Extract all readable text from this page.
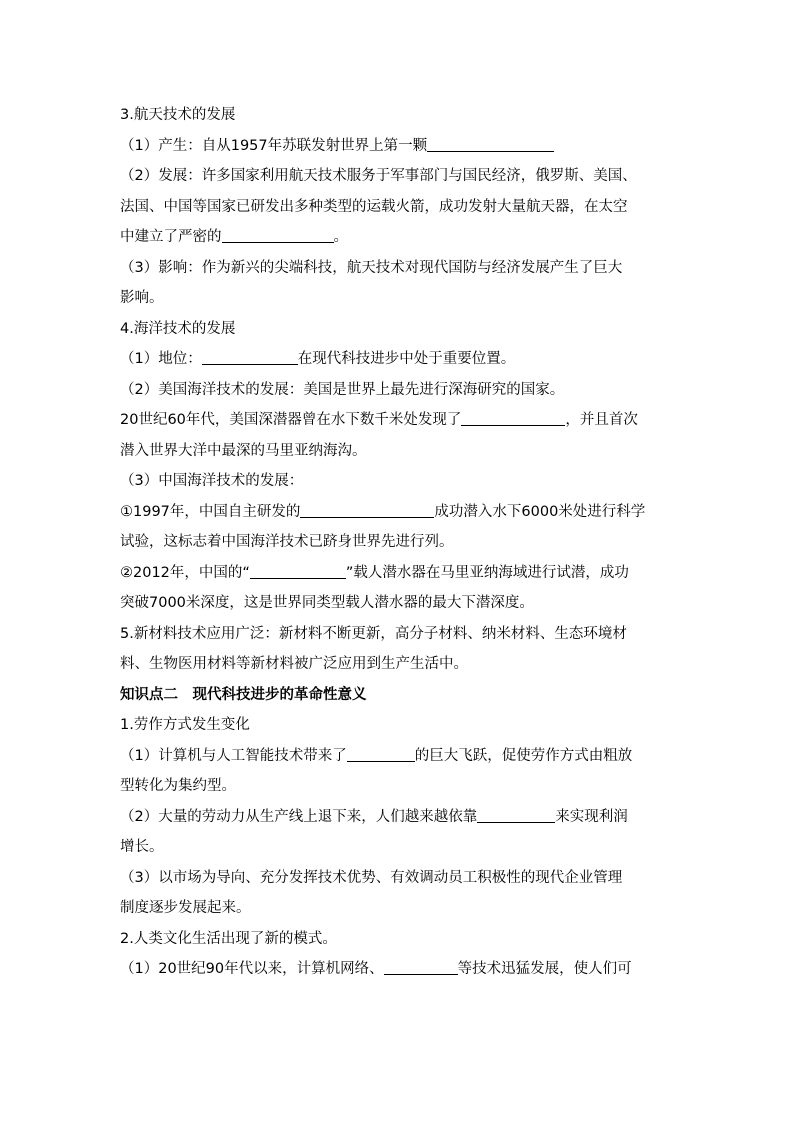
3.航天技术的发展
（1）产生：自从1957年苏联发射世界上第一颗
（2）发展：许多国家利用航天技术服务于军事部门与国民经济，俄罗斯、美国、
法国、中国等国家已研发出多种类型的运载火箭，成功发射大量航天器，在太空
中建立了严密的	。
（3）影响：作为新兴的尖端科技，航天技术对现代国防与经济发展产生了巨大
影响。
4.海洋技术的发展
（1）地位：	在现代科技进步中处于重要位置。
（2）美国海洋技术的发展：美国是世界上最先进行深海研究的国家。
20世纪60年代，美国深潜器曾在水下数千米处发现了	，并且首次
潜入世界大洋中最深的马里亚纳海沟。
（3）中国海洋技术的发展：
①1997年，中国自主研发的	成功潜入水下6000米处进行科学
试验，这标志着中国海洋技术已跻身世界先进行列。
②2012年，中国的“	”载人潜水器在马里亚纳海域进行试潜，成功
突破7000米深度，这是世界同类型载人潜水器的最大下潜深度。
5.新材料技术应用广泛：新材料不断更新，高分子材料、纳米材料、生态环境材
料、生物医用材料等新材料被广泛应用到生产生活中。
知识点二　现代科技进步的革命性意义
1.劳作方式发生变化
（1）计算机与人工智能技术带来了	的巨大飞跃，促使劳作方式由粗放
型转化为集约型。
（2）大量的劳动力从生产线上退下来，人们越来越依靠	来实现利润
增长。
（3）以市场为导向、充分发挥技术优势、有效调动员工积极性的现代企业管理
制度逐步发展起来。
2.人类文化生活出现了新的模式。
（1）20世纪90年代以来，计算机网络、	等技术迅猛发展，使人们可
